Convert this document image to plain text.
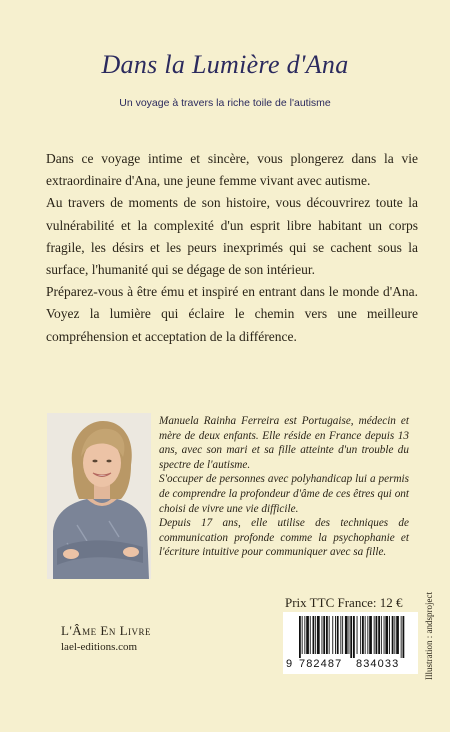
Dans la Lumière d'Ana
Un voyage à travers la riche toile de l'autisme

Dans ce voyage intime et sincère, vous plongerez dans la vie extraordinaire d'Ana, une jeune femme vivant avec autisme.

Au travers de moments de son histoire, vous découvrirez toute la vulnérabilité et la complexité d'un esprit libre habitant un corps fragile, les désirs et les peurs inexprimés qui se cachent sous la surface, l'humanité qui se dégage de son intérieur.

Préparez-vous à être ému et inspiré en entrant dans le monde d'Ana. Voyez la lumière qui éclaire le chemin vers une meilleure compréhension et acceptation de la différence.

Manuela Rainha Ferreira est Portugaise, médecin et mère de deux enfants. Elle réside en France depuis 13 ans, avec son mari et sa fille atteinte d'un trouble du spectre de l'autisme.

S'occuper de personnes avec polyhandicap lui a permis de comprendre la profondeur d'âme de ces êtres qui ont choisi de vivre une vie difficile.

Depuis 17 ans, elle utilise des techniques de communication profonde comme la psychophanie et l'écriture intuitive pour communiquer avec sa fille.

Illustration : andsproject
Prix TTC France: 12 €
9 782487 834033
L'Âme En Livre
lael-editions.com
